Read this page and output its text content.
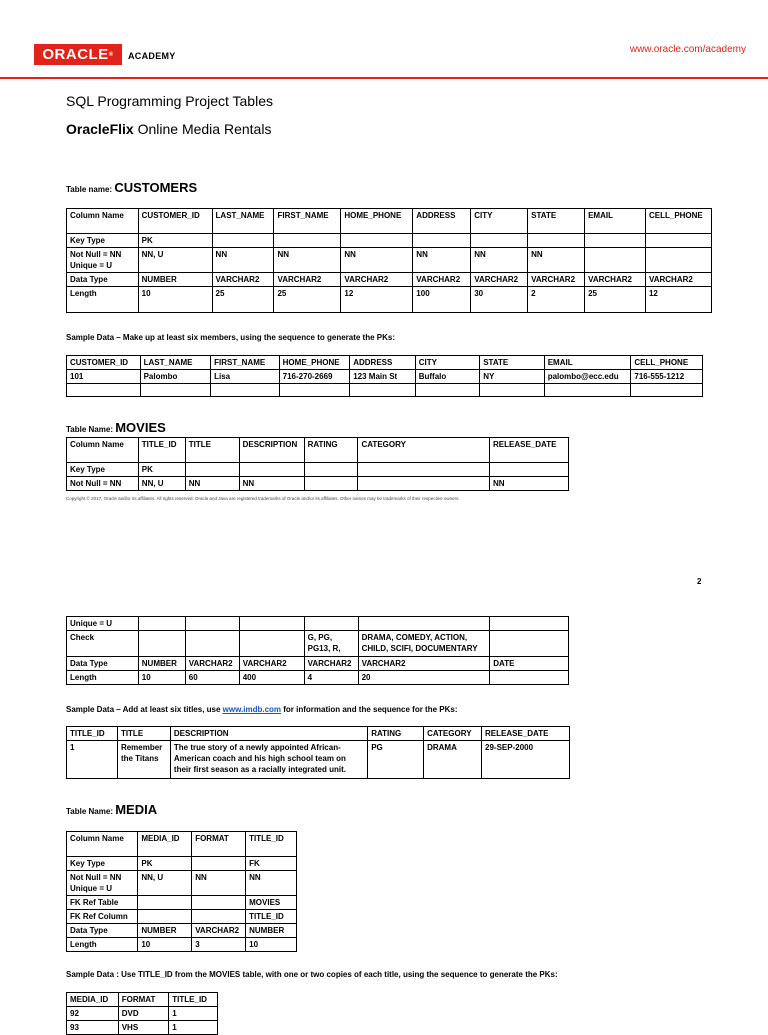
ORACLE ® ACADEMY
www.oracle.com/academy
SQL Programming Project Tables
OracleFlix Online Media Rentals
Table name: CUSTOMERS
Column Name	CUSTOMER_ID	LAST_NAME	FIRST_NAME	HOME_PHONE	ADDRESS	CITY	STATE	EMAIL	CELL_PHONE
Key Type	PK								
Not Null = NN
Unique = U	NN, U	NN	NN	NN	NN	NN	NN		
Data Type	NUMBER	VARCHAR2	VARCHAR2	VARCHAR2	VARCHAR2	VARCHAR2	VARCHAR2	VARCHAR2	VARCHAR2
Length	10	25	25	12	100	30	2	25	12
Sample Data – Make up at least six members, using the sequence to generate the PKs:
CUSTOMER_ID	LAST_NAME	FIRST_NAME	HOME_PHONE	ADDRESS	CITY	STATE	EMAIL	CELL_PHONE
101	Palombo	Lisa	716-270-2669	123 Main St	Buffalo	NY	palombo@ecc.edu	716-555-1212

Table Name: MOVIES
Column Name	TITLE_ID	TITLE	DESCRIPTION	RATING	CATEGORY	RELEASE_DATE
Key Type	PK					
Not Null = NN	NN, U	NN	NN			NN
Copyright © 2017, Oracle and/or its affiliates. All rights reserved. Oracle and Java are registered trademarks of Oracle and/or its affiliates. Other names may be trademarks of their respective owners.
2
Unique = U						
Check				G, PG, PG13, R,	DRAMA, COMEDY, ACTION, CHILD, SCIFI, DOCUMENTARY	
Data Type	NUMBER	VARCHAR2	VARCHAR2	VARCHAR2	VARCHAR2	DATE
Length	10	60	400	4	20	
Sample Data – Add at least six titles, use www.imdb.com for information and the sequence for the PKs:
TITLE_ID	TITLE	DESCRIPTION	RATING	CATEGORY	RELEASE_DATE
1	Remember the Titans	The true story of a newly appointed African-American coach and his high school team on their first season as a racially integrated unit.	PG	DRAMA	29-SEP-2000
Table Name: MEDIA
Column Name	MEDIA_ID	FORMAT	TITLE_ID
Key Type	PK		FK
Not Null = NN
Unique = U	NN, U	NN	NN
FK Ref Table			MOVIES
FK Ref Column			TITLE_ID
Data Type	NUMBER	VARCHAR2	NUMBER
Length	10	3	10
Sample Data : Use TITLE_ID from the MOVIES table, with one or two copies of each title, using the sequence to generate the PKs:
MEDIA_ID	FORMAT	TITLE_ID
92	DVD	1
93	VHS	1
